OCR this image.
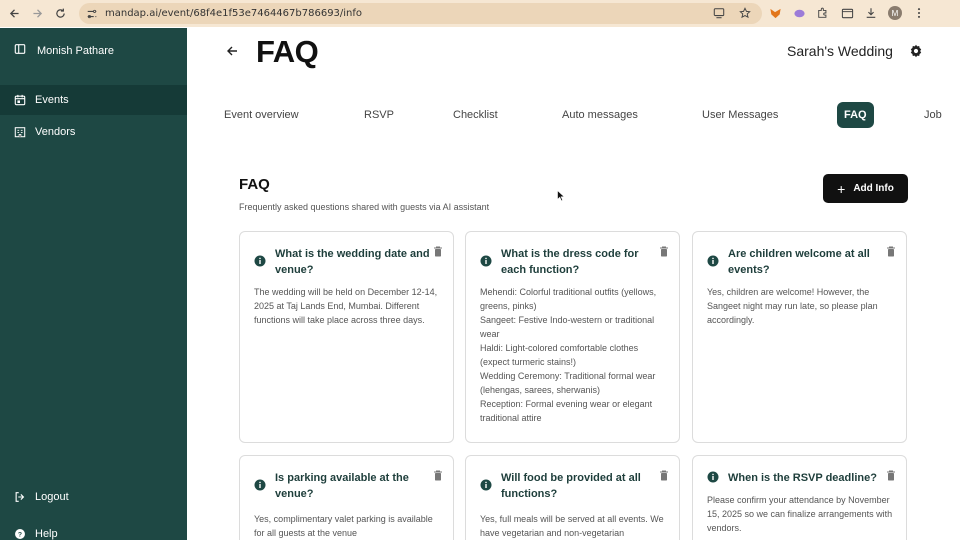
mandap.ai/event/68f4e1f53e7464467b786693/info	M
Monish Pathare
Events
Vendors
Logout
? Help
FAQ	Sarah's Wedding
Event overview	RSVP	Checklist	Auto messages	User Messages	FAQ	Job
FAQ
Frequently asked questions shared with guests via AI assistant
+ Add Info
What is the wedding date and venue?
The wedding will be held on December 12-14, 2025 at Taj Lands End, Mumbai. Different functions will take place across three days.
What is the dress code for each function?
Mehendi: Colorful traditional outfits (yellows, greens, pinks)
Sangeet: Festive Indo-western or traditional wear
Haldi: Light-colored comfortable clothes (expect turmeric stains!)
Wedding Ceremony: Traditional formal wear (lehengas, sarees, sherwanis)
Reception: Formal evening wear or elegant traditional attire
Are children welcome at all events?
Yes, children are welcome! However, the Sangeet night may run late, so please plan accordingly.
Is parking available at the venue?
Yes, complimentary valet parking is available for all guests at the venue
Will food be provided at all functions?
Yes, full meals will be served at all events. We have vegetarian and non-vegetarian
When is the RSVP deadline?
Please confirm your attendance by November 15, 2025 so we can finalize arrangements with vendors.
